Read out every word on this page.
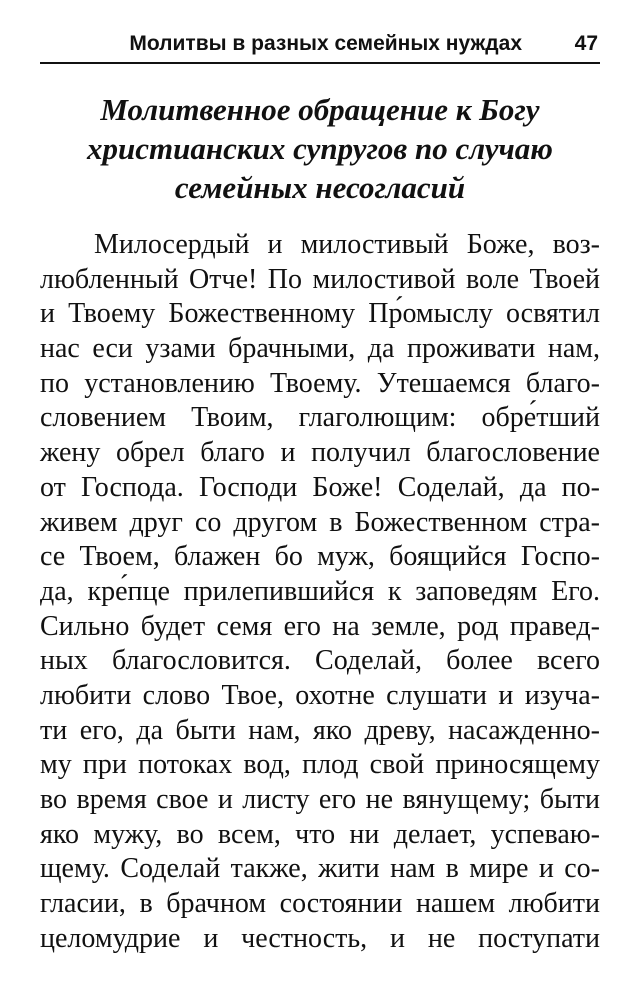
Молитвы в разных семейных нуждах	47
Молитвенное обращение к Богу
христианских супругов по случаю
семейных несогласий
Милосердый и милостивый Боже, воз-
любленный Отче! По милостивой воле Твоей
и Твоему Божественному Пр́омыслу освятил
нас еси узами брачными, да проживати нам,
по установлению Твоему. Утешаемся благо-
словением Твоим, глаголющим: обре́тший
жену обрел благо и получил благословение
от Господа. Господи Боже! Соделай, да по-
живем друг со другом в Божественном стра-
се Твоем, блажен бо муж, боящийся Госпо-
да, кре́пце прилепившийся к заповедям Его.
Сильно будет семя его на земле, род правед-
ных благословится. Соделай, более всего
любити слово Твое, охотне слушати и изуча-
ти его, да быти нам, яко древу, насажденно-
му при потоках вод, плод свой приносящему
во время свое и листу его не вянущему; быти
яко мужу, во всем, что ни делает, успеваю-
щему. Соделай также, жити нам в мире и со-
гласии, в брачном состоянии нашем любити
целомудрие и честность, и не поступати
